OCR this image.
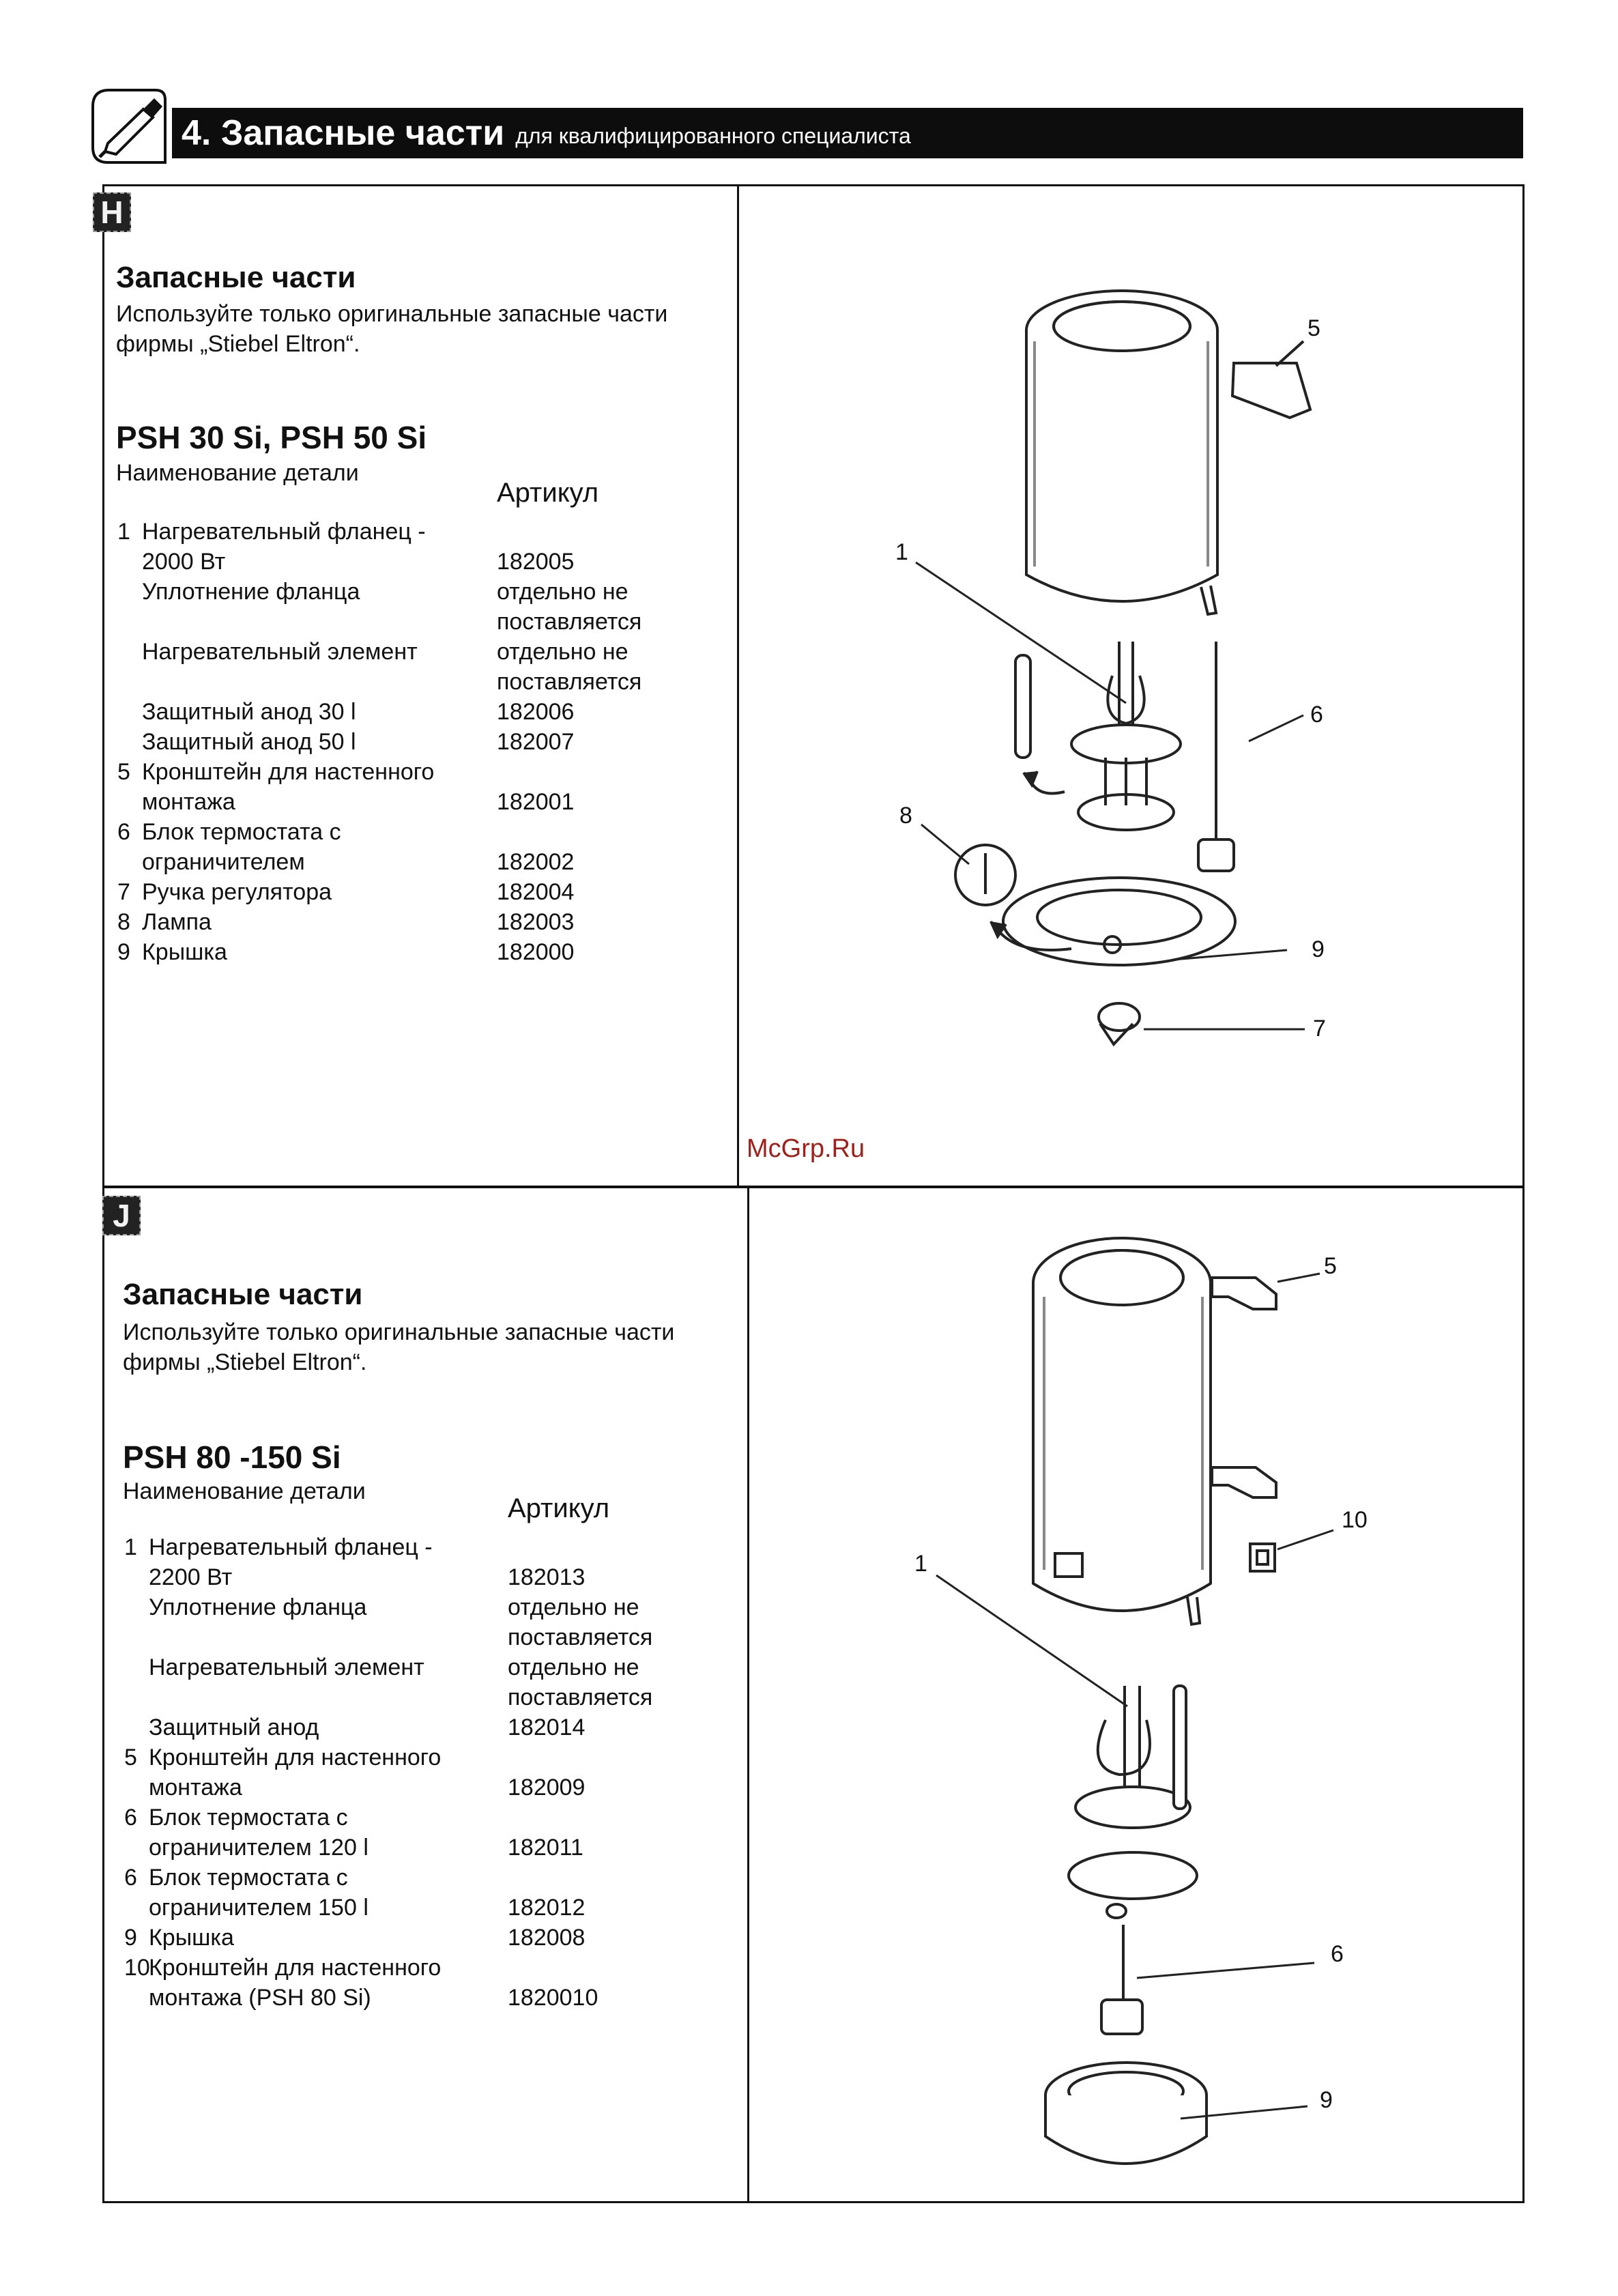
4. Запасные части для квалифицированного специалиста
H
Запасные части
Используйте только оригинальные запасные части
фирмы „Stiebel Eltron“.
PSH 30 Si, PSH 50 Si
Наименование детали
Артикул
1 Нагревательный фланец -
2000 Вт	182005
Уплотнение фланца	отдельно не
поставляется
Нагревательный элемент	отдельно не
поставляется
Защитный анод 30 l	182006
Защитный анод 50 l	182007
5 Кронштейн для настенного
монтажа	182001
6 Блок термостата с
ограничителем	182002
7 Ручка регулятора	182004
8 Лампа	182003
9 Крышка	182000
J
Запасные части
Используйте только оригинальные запасные части
фирмы „Stiebel Eltron“.
PSH 80 -150 Si
Наименование детали
Артикул
1 Нагревательный фланец -
2200 Вт	182013
Уплотнение фланца	отдельно не
поставляется
Нагревательный элемент	отдельно не
поставляется
Защитный анод	182014
5 Кронштейн для настенного
монтажа	182009
6 Блок термостата с
ограничителем 120 l	182011
6 Блок термостата с
ограничителем 150 l	182012
9 Крышка	182008
10
Кронштейн для настенного
монтажа (PSH 80 Si)	1820010
McGrp.Ru
5
1
6
8
9
7
5
10
1
6
9
